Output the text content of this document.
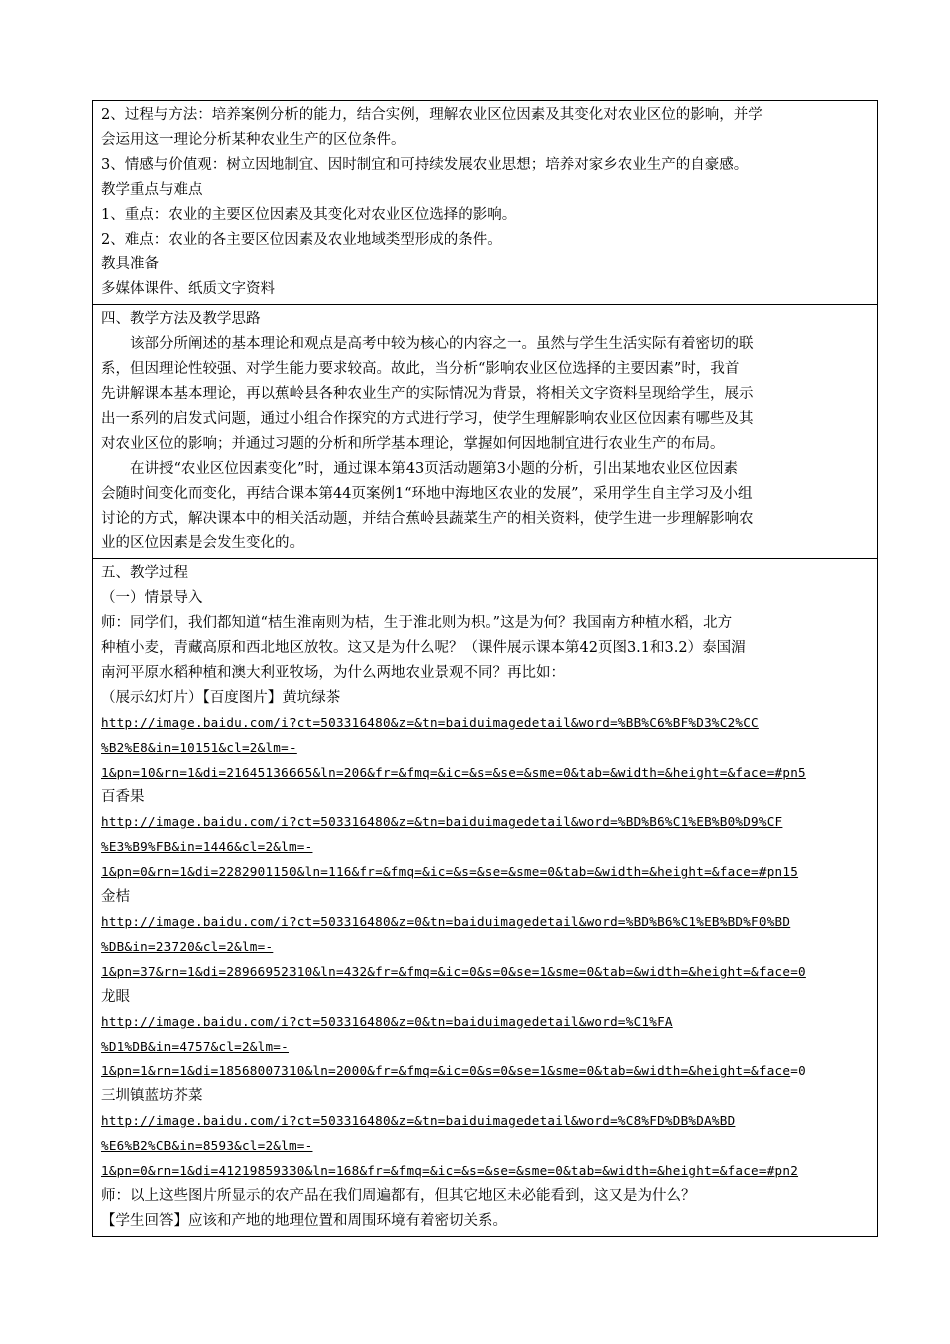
2、过程与方法：培养案例分析的能力，结合实例，理解农业区位因素及其变化对农业区位的影响，并学
会运用这一理论分析某种农业生产的区位条件。
3、情感与价值观：树立因地制宜、因时制宜和可持续发展农业思想；培养对家乡农业生产的自豪感。
教学重点与难点
1、重点：农业的主要区位因素及其变化对农业区位选择的影响。
2、难点：农业的各主要区位因素及农业地域类型形成的条件。
教具准备
多媒体课件、纸质文字资料

四、教学方法及教学思路
该部分所阐述的基本理论和观点是高考中较为核心的内容之一。虽然与学生生活实际有着密切的联
系，但因理论性较强、对学生能力要求较高。故此，当分析“影响农业区位选择的主要因素”时，我首
先讲解课本基本理论，再以蕉岭县各种农业生产的实际情况为背景，将相关文字资料呈现给学生，展示
出一系列的启发式问题，通过小组合作探究的方式进行学习，使学生理解影响农业区位因素有哪些及其
对农业区位的影响；并通过习题的分析和所学基本理论，掌握如何因地制宜进行农业生产的布局。
在讲授“农业区位因素变化”时，通过课本第43页活动题第3小题的分析，引出某地农业区位因素
会随时间变化而变化，再结合课本第44页案例1“环地中海地区农业的发展”，采用学生自主学习及小组
讨论的方式，解决课本中的相关活动题，并结合蕉岭县蔬菜生产的相关资料，使学生进一步理解影响农
业的区位因素是会发生变化的。

五、教学过程
（一）情景导入
师：同学们，我们都知道“桔生淮南则为桔，生于淮北则为枳。”这是为何？我国南方种植水稻，北方
种植小麦，青藏高原和西北地区放牧。这又是为什么呢？（课件展示课本第42页图3.1和3.2）泰国湄
南河平原水稻种植和澳大利亚牧场，为什么两地农业景观不同？再比如：
（展示幻灯片）【百度图片】黄坑绿茶
http://image.baidu.com/i?ct=503316480&z=&tn=baiduimagedetail&word=%BB%C6%BF%D3%C2%CC
%B2%E8&in=10151&cl=2&lm=-
1&pn=10&rn=1&di=21645136665&ln=206&fr=&fmq=&ic=&s=&se=&sme=0&tab=&width=&height=&face=#pn5
百香果
http://image.baidu.com/i?ct=503316480&z=&tn=baiduimagedetail&word=%BD%B6%C1%EB%B0%D9%CF
%E3%B9%FB&in=1446&cl=2&lm=-
1&pn=0&rn=1&di=2282901150&ln=116&fr=&fmq=&ic=&s=&se=&sme=0&tab=&width=&height=&face=#pn15
金桔
http://image.baidu.com/i?ct=503316480&z=0&tn=baiduimagedetail&word=%BD%B6%C1%EB%BD%F0%BD
%DB&in=23720&cl=2&lm=-
1&pn=37&rn=1&di=28966952310&ln=432&fr=&fmq=&ic=0&s=0&se=1&sme=0&tab=&width=&height=&face=0
龙眼
http://image.baidu.com/i?ct=503316480&z=0&tn=baiduimagedetail&word=%C1%FA
%D1%DB&in=4757&cl=2&lm=-
1&pn=1&rn=1&di=18568007310&ln=2000&fr=&fmq=&ic=0&s=0&se=1&sme=0&tab=&width=&height=&face=0
三圳镇蓝坊芥菜
http://image.baidu.com/i?ct=503316480&z=&tn=baiduimagedetail&word=%C8%FD%DB%DA%BD
%E6%B2%CB&in=8593&cl=2&lm=-
1&pn=0&rn=1&di=41219859330&ln=168&fr=&fmq=&ic=&s=&se=&sme=0&tab=&width=&height=&face=#pn2
师：以上这些图片所显示的农产品在我们周遍都有，但其它地区未必能看到，这又是为什么？
【学生回答】应该和产地的地理位置和周围环境有着密切关系。
